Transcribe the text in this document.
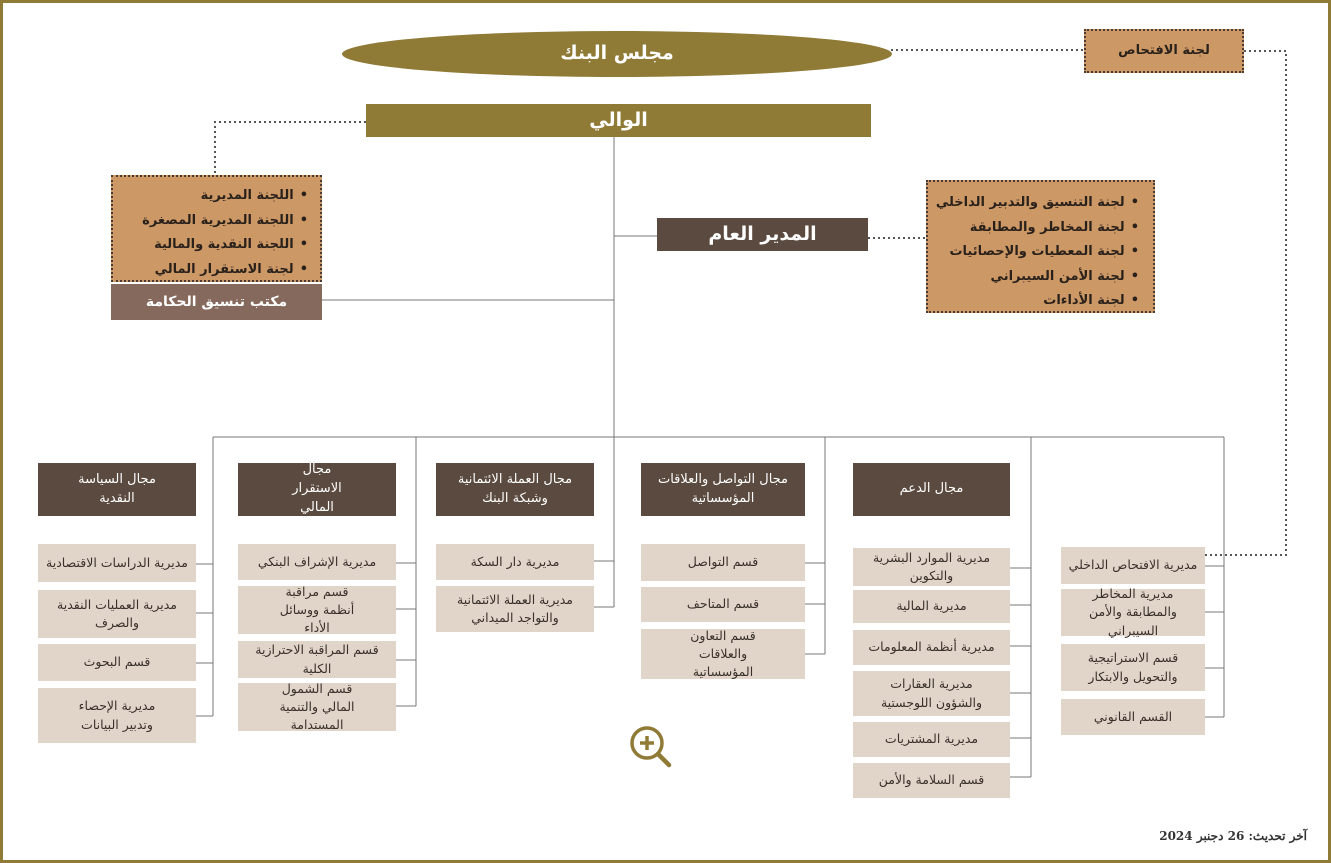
مجلس البنك	لجنة الافتحاص
الوالي
المدير العام
• اللجنة المديرية
• اللجنة المديرية المصغرة
• اللجنة النقدية والمالية
• لجنة الاستقرار المالي
مكتب تنسيق الحكامة
• لجنة التنسيق والتدبير الداخلي
• لجنة المخاطر والمطابقة
• لجنة المعطيات والإحصائيات
• لجنة الأمن السيبراني
• لجنة الأداءات
مجال الدعم
مجال التواصل والعلاقات المؤسساتية
مجال العملة الائتمانية وشبكة البنك
مجال الاستقرار المالي
مجال السياسة النقدية
مديرية الموارد البشرية والتكوين
مديرية المالية
مديرية أنظمة المعلومات
مديرية العقارات والشؤون اللوجستية
مديرية المشتريات
قسم السلامة والأمن
قسم التواصل
قسم المتاحف
قسم التعاون والعلاقات المؤسساتية
مديرية دار السكة
مديرية العملة الائتمانية والتواجد الميداني
مديرية الإشراف البنكي
قسم مراقبة أنظمة ووسائل الأداء
قسم المراقبة الاحترازية الكلية
قسم الشمول المالي والتنمية المستدامة
مديرية الدراسات الاقتصادية
مديرية العمليات النقدية والصرف
قسم البحوث
مديرية الإحصاء وتدبير البيانات
مديرية الافتحاص الداخلي
مديرية المخاطر والمطابقة والأمن السيبراني
قسم الاستراتيجية والتحويل والابتكار
القسم القانوني
آخر تحديث: 26 دجنبر 2024
